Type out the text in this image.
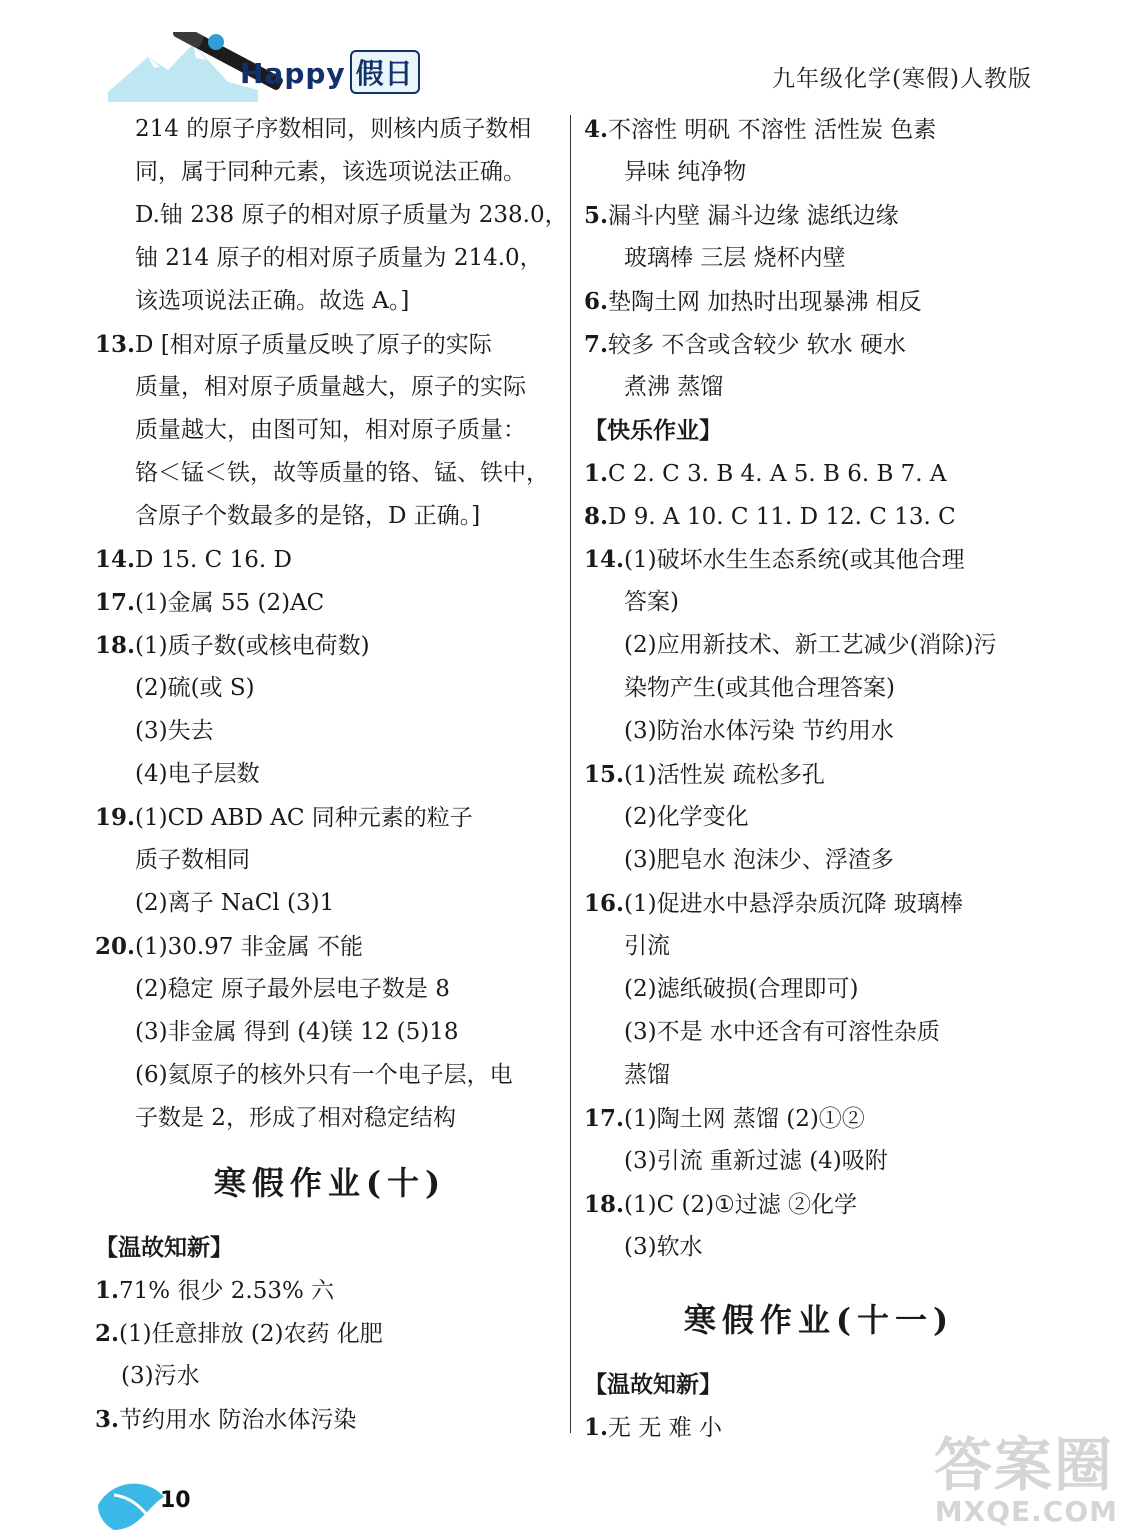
Happy 假日	九年级化学(寒假)人教版
214 的原子序数相同，则核内质子数相
同，属于同种元素，该选项说法正确。
D.铀 238 原子的相对原子质量为 238.0，
铀 214 原子的相对原子质量为 214.0，
该选项说法正确。故选 A。]
13.D [相对原子质量反映了原子的实际
质量，相对原子质量越大，原子的实际
质量越大，由图可知，相对原子质量：
铬＜锰＜铁，故等质量的铬、锰、铁中，
含原子个数最多的是铬，D 正确。]
14.D 15. C 16. D
17.(1)金属 55 (2)AC
18.(1)质子数(或核电荷数)
(2)硫(或 S)
(3)失去
(4)电子层数
19.(1)CD ABD AC 同种元素的粒子
质子数相同
(2)离子 NaCl (3)1
20.(1)30.97 非金属 不能
(2)稳定 原子最外层电子数是 8
(3)非金属 得到 (4)镁 12 (5)18
(6)氦原子的核外只有一个电子层，电
子数是 2，形成了相对稳定结构
寒假作业(十)
【温故知新】
1.71% 很少 2.53% 六
2.(1)任意排放 (2)农药 化肥
(3)污水
3.节约用水 防治水体污染
4.不溶性 明矾 不溶性 活性炭 色素
异味 纯净物
5.漏斗内壁 漏斗边缘 滤纸边缘
玻璃棒 三层 烧杯内壁
6.垫陶土网 加热时出现暴沸 相反
7.较多 不含或含较少 软水 硬水
煮沸 蒸馏
【快乐作业】
1.C 2. C 3. B 4. A 5. B 6. B 7. A
8.D 9. A 10. C 11. D 12. C 13. C
14.(1)破坏水生生态系统(或其他合理
答案)
(2)应用新技术、新工艺减少(消除)污
染物产生(或其他合理答案)
(3)防治水体污染 节约用水
15.(1)活性炭 疏松多孔
(2)化学变化
(3)肥皂水 泡沫少、浮渣多
16.(1)促进水中悬浮杂质沉降 玻璃棒
引流
(2)滤纸破损(合理即可)
(3)不是 水中还含有可溶性杂质
蒸馏
17.(1)陶土网 蒸馏 (2)①②
(3)引流 重新过滤 (4)吸附
18.(1)C (2)①过滤 ②化学
(3)软水
寒假作业(十一)
【温故知新】
1.无 无 难 小
10
答案圈
MXQE.COM
